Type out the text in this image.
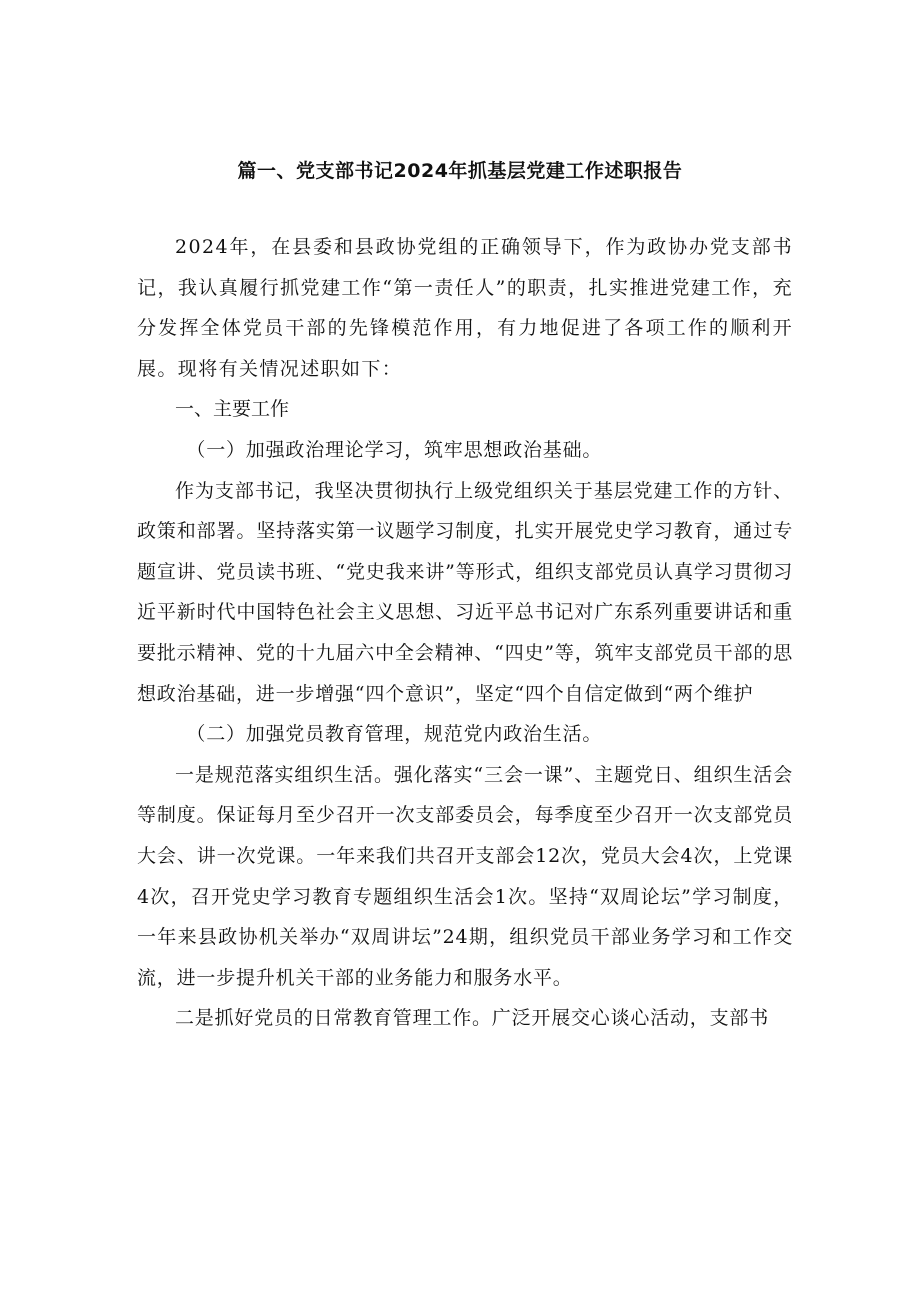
篇一、党支部书记2024年抓基层党建工作述职报告

2024年，在县委和县政协党组的正确领导下，作为政协办党支部书记，我认真履行抓党建工作“第一责任人”的职责，扎实推进党建工作，充分发挥全体党员干部的先锋模范作用，有力地促进了各项工作的顺利开展。现将有关情况述职如下：

一、主要工作

（一）加强政治理论学习，筑牢思想政治基础。

作为支部书记，我坚决贯彻执行上级党组织关于基层党建工作的方针、政策和部署。坚持落实第一议题学习制度，扎实开展党史学习教育，通过专题宣讲、党员读书班、“党史我来讲”等形式，组织支部党员认真学习贯彻习近平新时代中国特色社会主义思想、习近平总书记对广东系列重要讲话和重要批示精神、党的十九届六中全会精神、“四史”等，筑牢支部党员干部的思想政治基础，进一步增强“四个意识”，坚定“四个自信定做到“两个维护

（二）加强党员教育管理，规范党内政治生活。

一是规范落实组织生活。强化落实“三会一课”、主题党日、组织生活会等制度。保证每月至少召开一次支部委员会，每季度至少召开一次支部党员大会、讲一次党课。一年来我们共召开支部会12次，党员大会4次，上党课4次，召开党史学习教育专题组织生活会1次。坚持“双周论坛”学习制度，一年来县政协机关举办“双周讲坛”24期，组织党员干部业务学习和工作交流，进一步提升机关干部的业务能力和服务水平。

二是抓好党员的日常教育管理工作。广泛开展交心谈心活动，支部书
